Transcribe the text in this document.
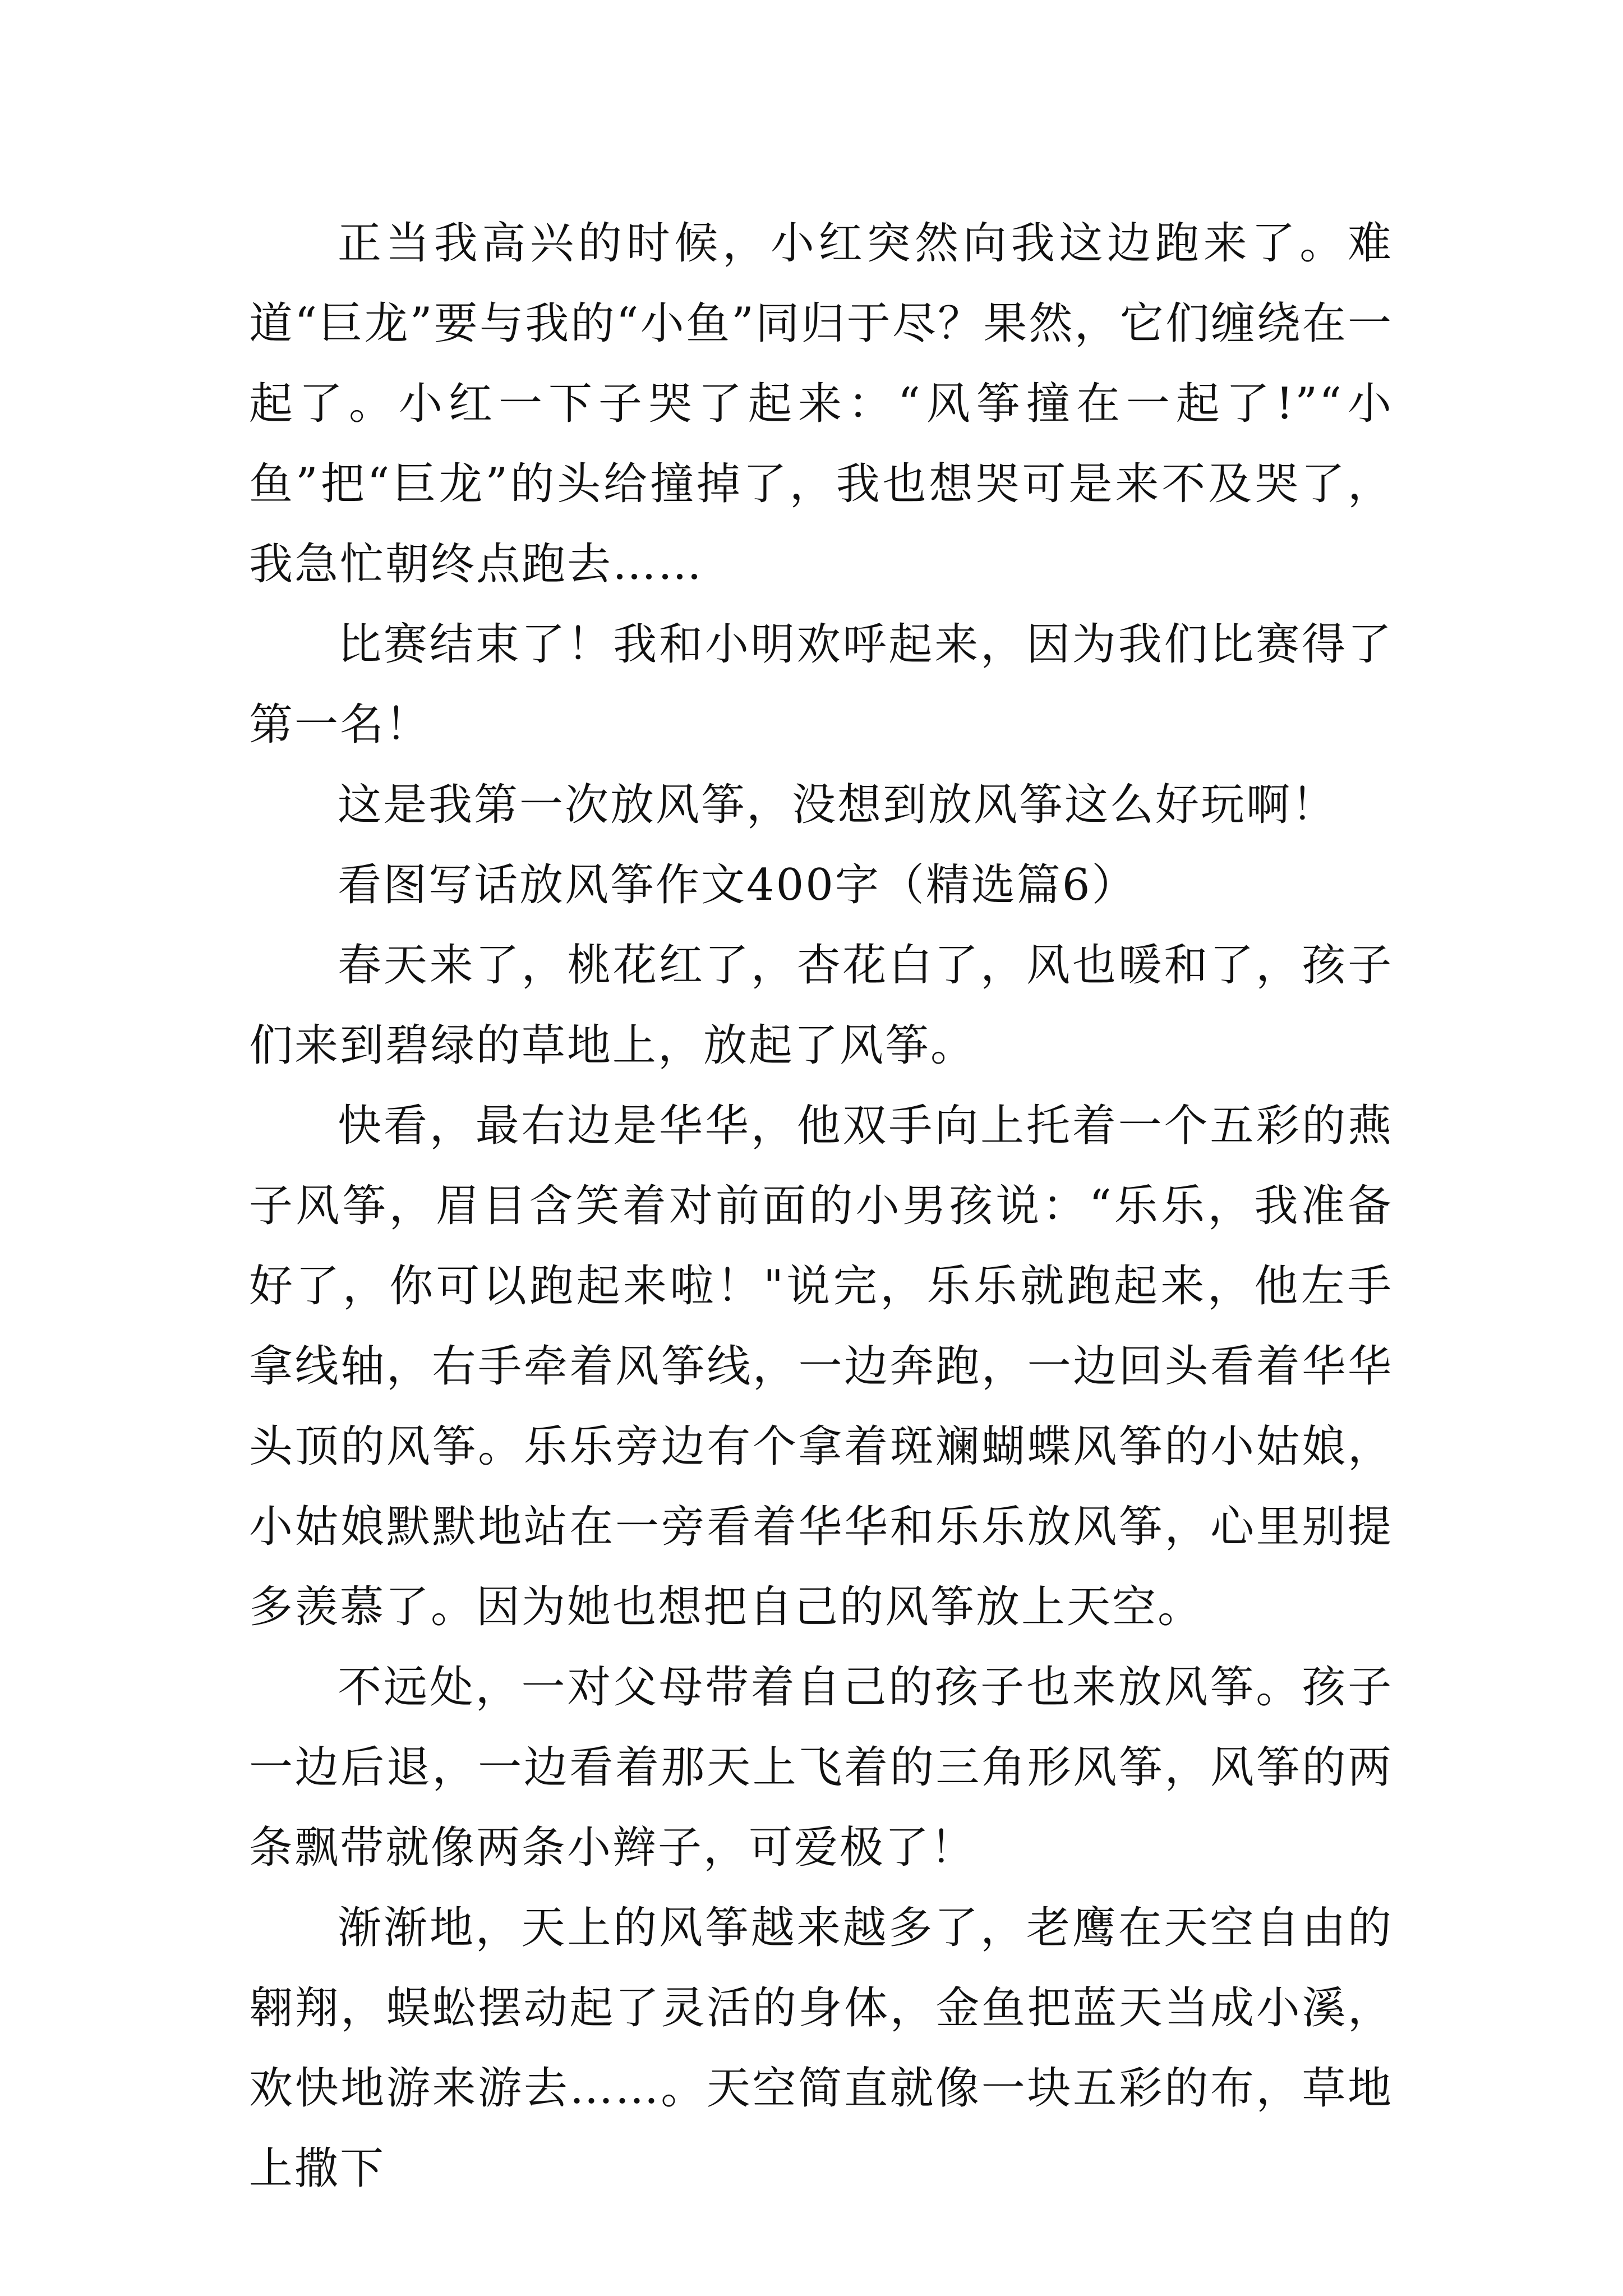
正当我高兴的时候，小红突然向我这边跑来了。难道“巨龙”要与我的“小鱼”同归于尽？果然，它们缠绕在一起了。小红一下子哭了起来：“风筝撞在一起了!”“小鱼”把“巨龙”的头给撞掉了，我也想哭可是来不及哭了，我急忙朝终点跑去……

比赛结束了！我和小明欢呼起来，因为我们比赛得了第一名！

这是我第一次放风筝，没想到放风筝这么好玩啊！

看图写话放风筝作文400字（精选篇6）

春天来了，桃花红了，杏花白了，风也暖和了，孩子们来到碧绿的草地上，放起了风筝。

快看，最右边是华华，他双手向上托着一个五彩的燕子风筝，眉目含笑着对前面的小男孩说：“乐乐，我准备好了，你可以跑起来啦！"说完，乐乐就跑起来，他左手拿线轴，右手牵着风筝线，一边奔跑，一边回头看着华华头顶的风筝。乐乐旁边有个拿着斑斓蝴蝶风筝的小姑娘，小姑娘默默地站在一旁看着华华和乐乐放风筝，心里别提多羡慕了。因为她也想把自己的风筝放上天空。

不远处，一对父母带着自己的孩子也来放风筝。孩子一边后退，一边看着那天上飞着的三角形风筝，风筝的两条飘带就像两条小辫子，可爱极了！

渐渐地，天上的风筝越来越多了，老鹰在天空自由的翱翔，蜈蚣摆动起了灵活的身体，金鱼把蓝天当成小溪，欢快地游来游去……。天空简直就像一块五彩的布，草地上撒下
